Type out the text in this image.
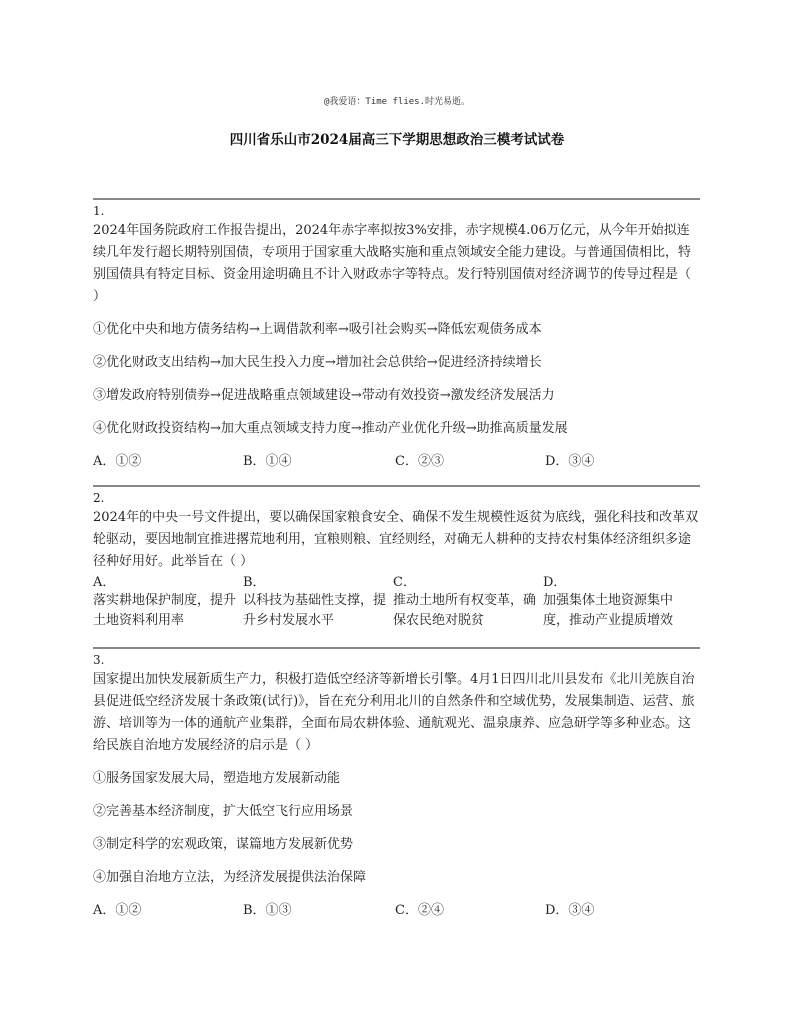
@我爱语：Time flies.时光易逝。
四川省乐山市2024届高三下学期思想政治三模考试试卷
1.
2024年国务院政府工作报告提出，2024年赤字率拟按3%安排，赤字规模4.06万亿元，从今年开始拟连续几年发行超长期特别国债，专项用于国家重大战略实施和重点领域安全能力建设。与普通国债相比，特别国债具有特定目标、资金用途明确且不计入财政赤字等特点。发行特别国债对经济调节的传导过程是（ ）
①优化中央和地方债务结构→上调借款利率→吸引社会购买→降低宏观债务成本
②优化财政支出结构→加大民生投入力度→增加社会总供给→促进经济持续增长
③增发政府特别债券→促进战略重点领域建设→带动有效投资→激发经济发展活力
④优化财政投资结构→加大重点领域支持力度→推动产业优化升级→助推高质量发展
A．①②	B．①④	C．②③	D．③④
2.
2024年的中央一号文件提出，要以确保国家粮食安全、确保不发生规模性返贫为底线，强化科技和改革双轮驱动，要因地制宜推进撂荒地利用，宜粮则粮、宜经则经，对确无人耕种的支持农村集体经济组织多途径种好用好。此举旨在（ ）
A．
落实耕地保护制度，提升土地资料利用率
B．
以科技为基础性支撑，提升乡村发展水平
C．
推动土地所有权变革，确保农民绝对脱贫
D．
加强集体土地资源集中度，推动产业提质增效
3.
国家提出加快发展新质生产力，积极打造低空经济等新增长引擎。4月1日四川北川县发布《北川羌族自治县促进低空经济发展十条政策(试行)》，旨在充分利用北川的自然条件和空域优势，发展集制造、运营、旅游、培训等为一体的通航产业集群，全面布局农耕体验、通航观光、温泉康养、应急研学等多种业态。这给民族自治地方发展经济的启示是（ ）
①服务国家发展大局，塑造地方发展新动能
②完善基本经济制度，扩大低空飞行应用场景
③制定科学的宏观政策，谋篇地方发展新优势
④加强自治地方立法，为经济发展提供法治保障
A．①②	B．①③	C．②④	D．③④
